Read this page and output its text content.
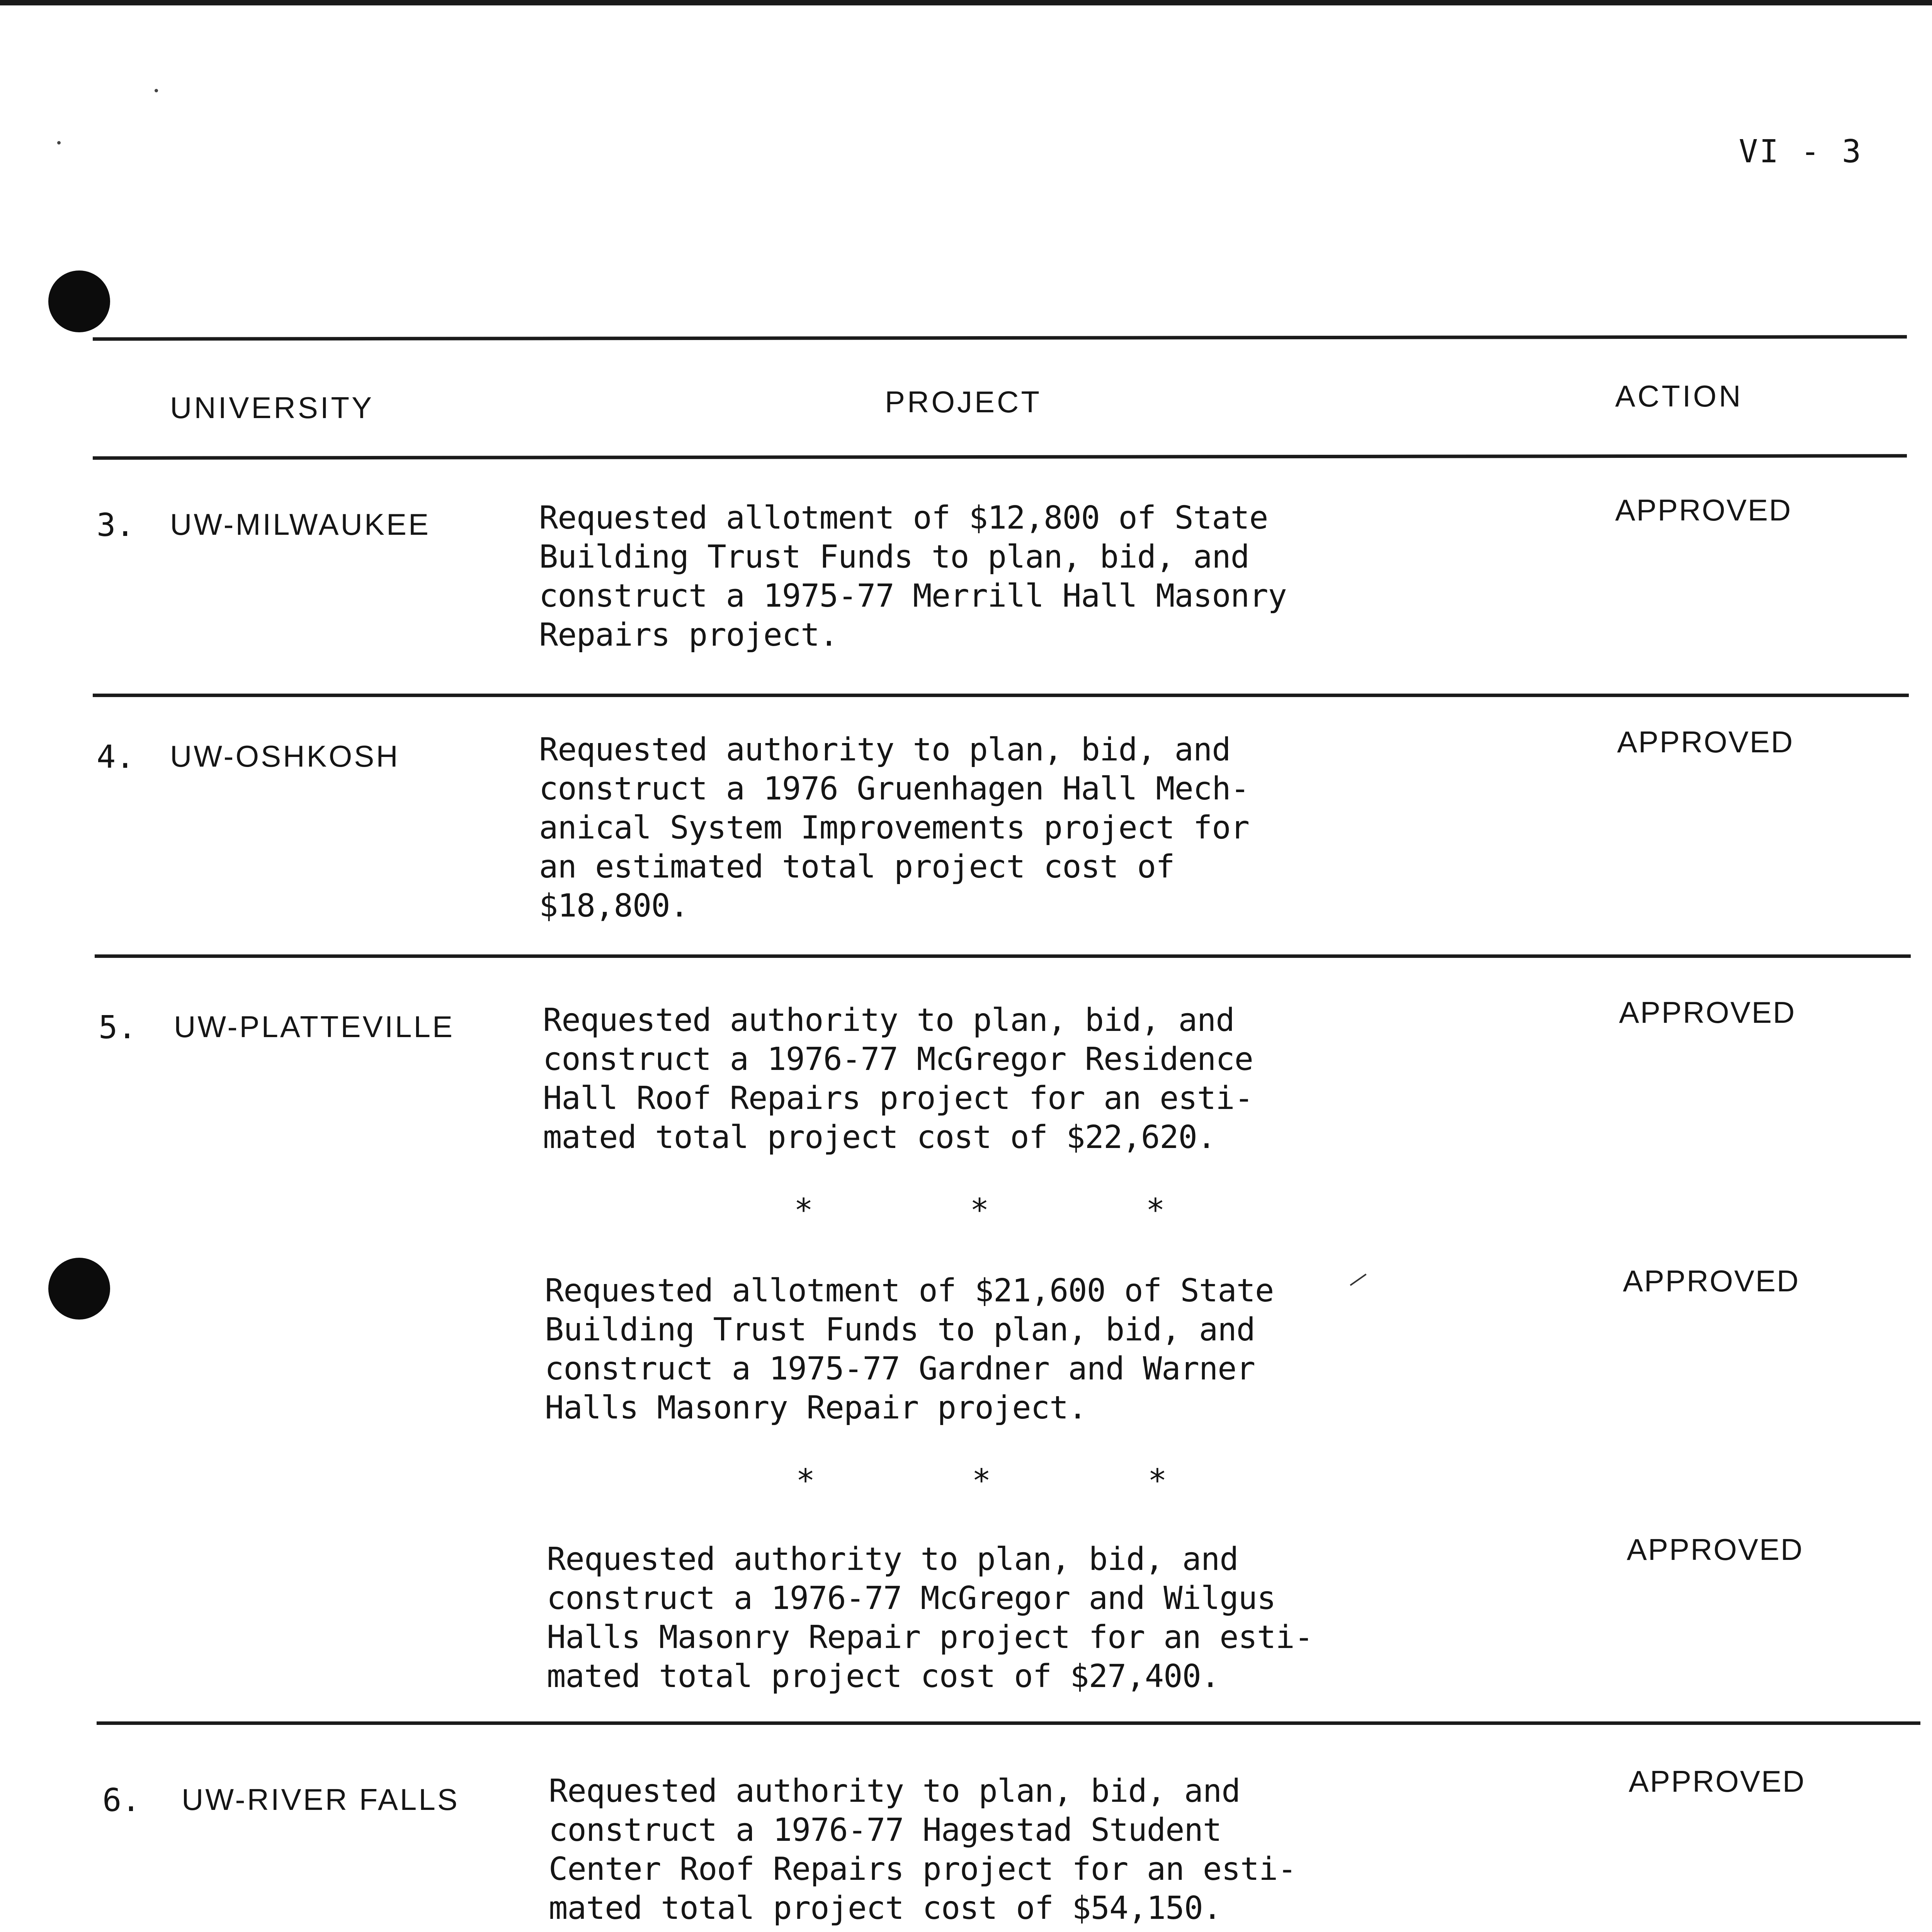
VI - 3
UNIVERSITY	PROJECT	ACTION
3. UW-MILWAUKEE	Requested allotment of $12,800 of State
Building Trust Funds to plan, bid, and
construct a 1975-77 Merrill Hall Masonry
Repairs project.
APPROVED
4. UW-OSHKOSH	Requested authority to plan, bid, and
construct a 1976 Gruenhagen Hall Mech-
anical System Improvements project for
an estimated total project cost of
$18,800.
APPROVED
5. UW-PLATTEVILLE	Requested authority to plan, bid, and
construct a 1976-77 McGregor Residence
Hall Roof Repairs project for an esti-
mated total project cost of $22,620.
APPROVED
*	*	*
Requested allotment of $21,600 of State
Building Trust Funds to plan, bid, and
construct a 1975-77 Gardner and Warner
Halls Masonry Repair project.
APPROVED
*	*	*
Requested authority to plan, bid, and
construct a 1976-77 McGregor and Wilgus
Halls Masonry Repair project for an esti-
mated total project cost of $27,400.
APPROVED
6. UW-RIVER FALLS	Requested authority to plan, bid, and
construct a 1976-77 Hagestad Student
Center Roof Repairs project for an esti-
mated total project cost of $54,150.
APPROVED
